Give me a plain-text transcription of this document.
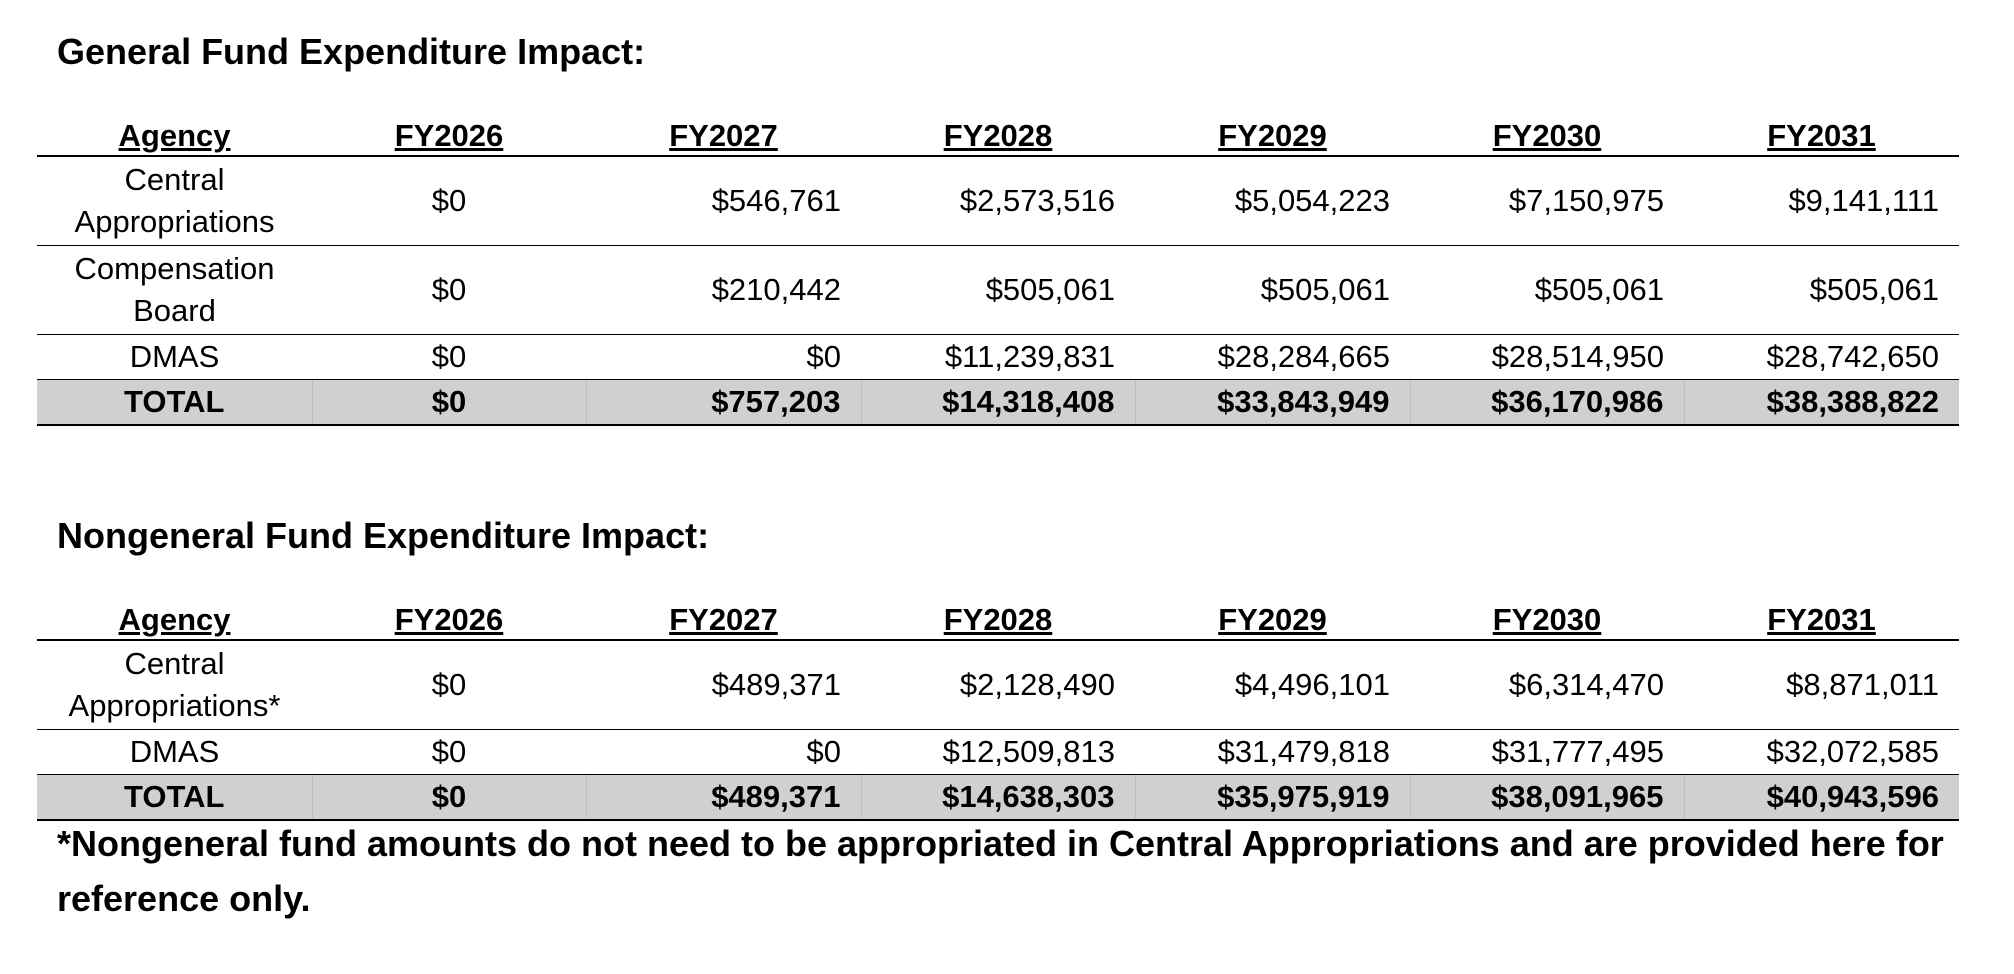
General Fund Expenditure Impact:
Agency	FY2026	FY2027	FY2028	FY2029	FY2030	FY2031
Central Appropriations	$0	$546,761	$2,573,516	$5,054,223	$7,150,975	$9,141,111
Compensation Board	$0	$210,442	$505,061	$505,061	$505,061	$505,061
DMAS	$0	$0	$11,239,831	$28,284,665	$28,514,950	$28,742,650
TOTAL	$0	$757,203	$14,318,408	$33,843,949	$36,170,986	$38,388,822
Nongeneral Fund Expenditure Impact:
Agency	FY2026	FY2027	FY2028	FY2029	FY2030	FY2031
Central Appropriations*	$0	$489,371	$2,128,490	$4,496,101	$6,314,470	$8,871,011
DMAS	$0	$0	$12,509,813	$31,479,818	$31,777,495	$32,072,585
TOTAL	$0	$489,371	$14,638,303	$35,975,919	$38,091,965	$40,943,596

*Nongeneral fund amounts do not need to be appropriated in Central Appropriations and are provided here for reference only.
